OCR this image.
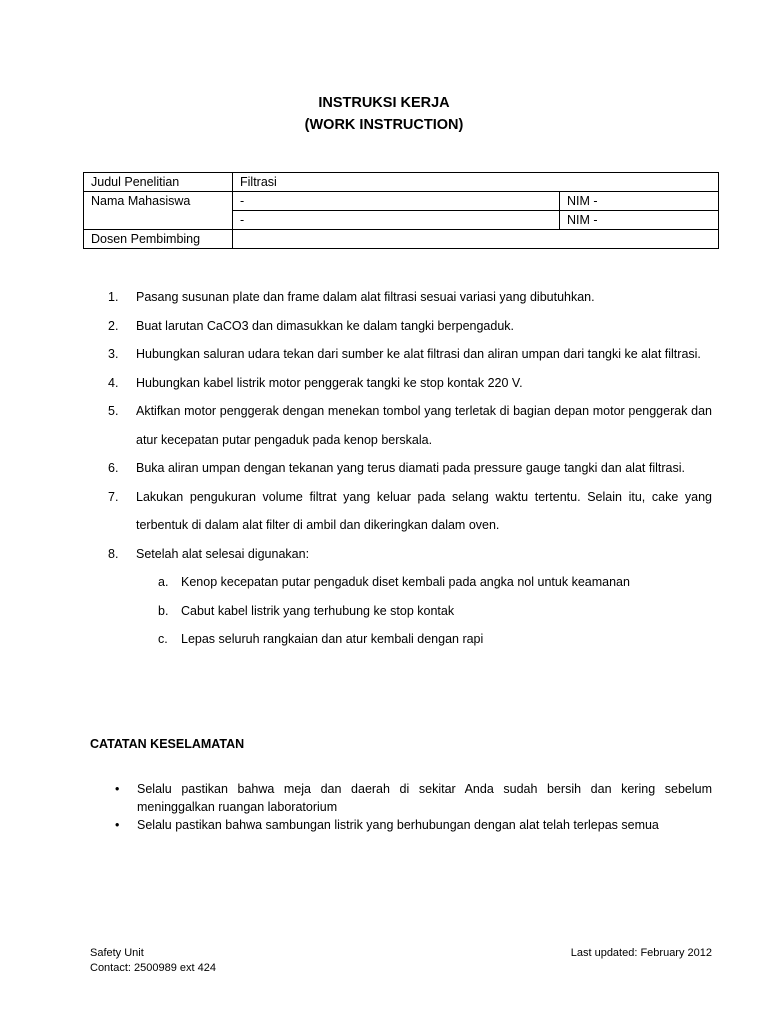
INSTRUKSI KERJA
(WORK INSTRUCTION)
Judul Penelitian	Filtrasi	
Nama Mahasiswa	-	NIM -
	-	NIM -
Dosen Pembimbing		
1.	Pasang susunan plate dan frame dalam alat filtrasi sesuai variasi yang dibutuhkan.
2.	Buat larutan CaCO3 dan dimasukkan ke dalam tangki berpengaduk.
3.	Hubungkan saluran udara tekan dari sumber ke alat filtrasi dan aliran umpan dari tangki ke alat filtrasi.
4.	Hubungkan kabel listrik motor penggerak tangki ke stop kontak 220 V.
5.	Aktifkan motor penggerak dengan menekan tombol yang terletak di bagian depan motor penggerak dan atur kecepatan putar pengaduk pada kenop berskala.
6.	Buka aliran umpan dengan tekanan yang terus diamati pada pressure gauge tangki dan alat filtrasi.
7.	Lakukan pengukuran volume filtrat yang keluar pada selang waktu tertentu. Selain itu, cake yang terbentuk di dalam alat filter di ambil dan dikeringkan dalam oven.
8.	Setelah alat selesai digunakan:
a.	Kenop kecepatan putar pengaduk diset kembali pada angka nol untuk keamanan
b.	Cabut kabel listrik yang terhubung ke stop kontak
c.	Lepas seluruh rangkaian dan atur kembali dengan rapi
CATATAN KESELAMATAN
• Selalu pastikan bahwa meja dan daerah di sekitar Anda sudah bersih dan kering sebelum meninggalkan ruangan laboratorium
• Selalu pastikan bahwa sambungan listrik yang berhubungan dengan alat telah terlepas semua
Safety Unit
Contact: 2500989 ext 424
Last updated: February 2012
